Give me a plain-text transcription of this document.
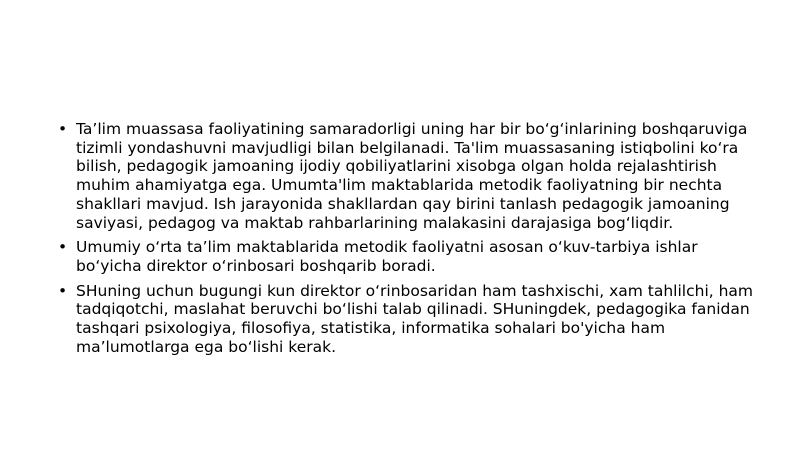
• Ta’lim muassasa faoliyatining samaradorligi uning har bir bo‘g‘inlarining boshqaruviga tizimli yondashuvni mavjudligi bilan belgilanadi. Ta'lim muassasaning istiqbolini ko‘ra bilish, pedagogik jamoaning ijodiy qobiliyatlarini xisobga olgan holda rejalashtirish muhim ahamiyatga ega. Umumta'lim maktablarida metodik faoliyatning bir nechta shakllari mavjud. Ish jarayonida shakllardan qay birini tanlash pedagogik jamoaning saviyasi, pedagog va maktab rahbarlarining malakasini darajasiga bog‘liqdir.
• Umumiy o‘rta ta’lim maktablarida metodik faoliyatni asosan o‘kuv-tarbiya ishlar bo‘yicha direktor o‘rinbosari boshqarib boradi.
• SHuning uchun bugungi kun direktor o‘rinbosaridan ham tashxischi, xam tahlilchi, ham tadqiqotchi, maslahat beruvchi bo‘lishi talab qilinadi. SHuningdek, pedagogika fanidan tashqari psixologiya, filosofiya, statistika, informatika sohalari bo'yicha ham ma’lumotlarga ega bo‘lishi kerak.
